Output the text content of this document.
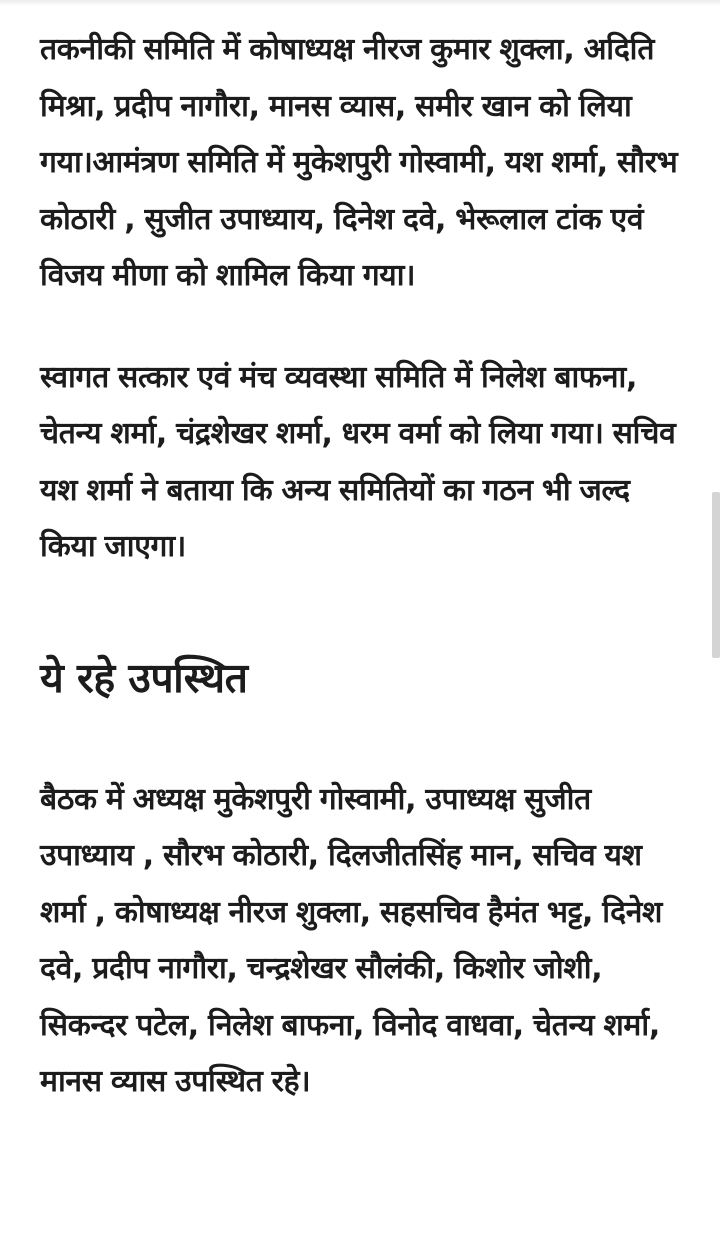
तकनीकी समिति में कोषाध्यक्ष नीरज कुमार शुक्ला, अदिति मिश्रा, प्रदीप नागौरा, मानस व्यास, समीर खान को लिया गया।आमंत्रण समिति में मुकेशपुरी गोस्वामी, यश शर्मा, सौरभ कोठारी , सुजीत उपाध्याय, दिनेश दवे, भेरूलाल टांक एवं विजय मीणा को शामिल किया गया।

स्वागत सत्कार एवं मंच व्यवस्था समिति में निलेश बाफना, चेतन्य शर्मा, चंद्रशेखर शर्मा, धरम वर्मा को लिया गया। सचिव यश शर्मा ने बताया कि अन्य समितियों का गठन भी जल्द किया जाएगा।

ये रहे उपस्थित

बैठक में अध्यक्ष मुकेशपुरी गोस्वामी, उपाध्यक्ष सुजीत उपाध्याय , सौरभ कोठारी, दिलजीतसिंह मान, सचिव यश शर्मा , कोषाध्यक्ष नीरज शुक्ला, सहसचिव हैमंत भट्ट, दिनेश दवे, प्रदीप नागौरा, चन्द्रशेखर सौलंकी, किशोर जोशी, सिकन्दर पटेल, निलेश बाफना, विनोद वाधवा, चेतन्य शर्मा, मानस व्यास उपस्थित रहे।
